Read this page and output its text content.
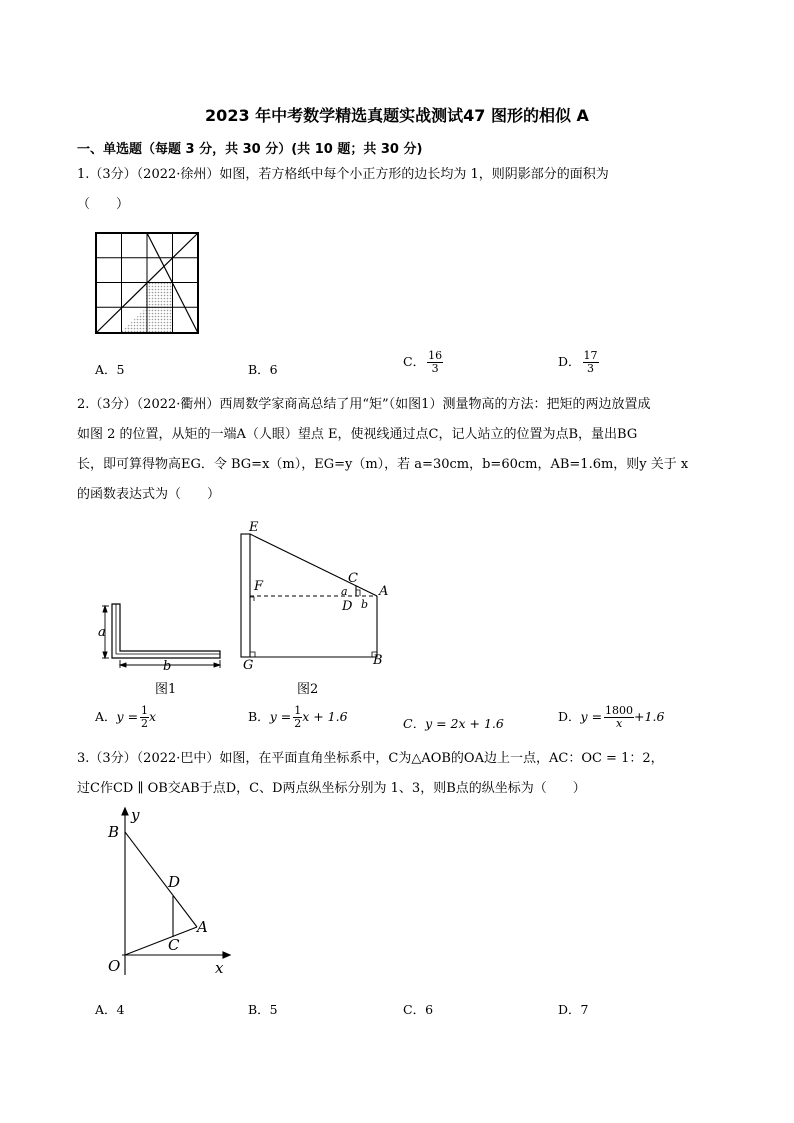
2023 年中考数学精选真题实战测试47 图形的相似 A
一、单选题（每题 3 分，共 30 分）(共 10 题；共 30 分)
1.（3分）（2022·徐州）如图，若方格纸中每个小正方形的边长均为 1，则阴影部分的面积为
（　　）
A．5	B．6
C． $\frac{16}{3}$	D． $\frac{17}{3}$
2.（3分）（2022·衢州）西周数学家商高总结了用“矩”（如图1）测量物高的方法：把矩的两边放置成
如图 2 的位置，从矩的一端A（人眼）望点 E，使视线通过点C，记人站立的位置为点B，量出BG
长，即可算得物高EG．令 BG=x（m），EG=y（m），若 a=30cm，b=60cm，AB=1.6m，则y 关于 x
的函数表达式为（　　）
a
b
图1
E
F
C
A
a
b
D
G	B
图2
A．$y = \frac{1}{2}$ x	B．$y = \frac{1}{2}$ x + 1.6	C．y = 2x + 1.6	D．$y = \frac{1800}{x} +1.6$
3.（3分）（2022·巴中）如图，在平面直角坐标系中，C为△AOB的OA边上一点，AC：OC = 1：2，
过C作CD ∥ OB交AB于点D，C、D两点纵坐标分别为 1、3，则B点的纵坐标为（　　）
B
y
D
A
C
O	x
A．4	B．5	C．6	D．7
